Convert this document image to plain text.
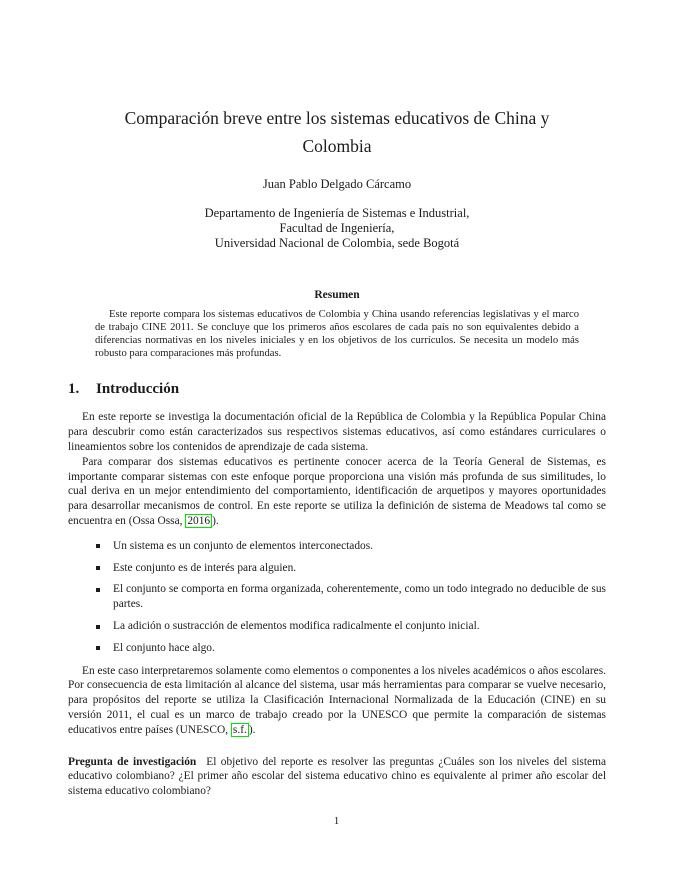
Comparación breve entre los sistemas educativos de China y Colombia
Juan Pablo Delgado Cárcamo
Departamento de Ingeniería de Sistemas e Industrial,
Facultad de Ingeniería,
Universidad Nacional de Colombia, sede Bogotá
Resumen

Este reporte compara los sistemas educativos de Colombia y China usando referencias legislativas y el marco de trabajo CINE 2011. Se concluye que los primeros años escolares de cada país no son equivalentes debido a diferencias normativas en los niveles iniciales y en los objetivos de los currículos. Se necesita un modelo más robusto para comparaciones más profundas.

1. Introducción

En este reporte se investiga la documentación oficial de la República de Colombia y la República Popular China para descubrir como están caracterizados sus respectivos sistemas educativos, así como estándares curriculares o lineamientos sobre los contenidos de aprendizaje de cada sistema.

Para comparar dos sistemas educativos es pertinente conocer acerca de la Teoría General de Sistemas, es importante comparar sistemas con este enfoque porque proporciona una visión más profunda de sus similitudes, lo cual deriva en un mejor entendimiento del comportamiento, identificación de arquetipos y mayores oportunidades para desarrollar mecanismos de control. En este reporte se utiliza la definición de sistema de Meadows tal como se encuentra en (Ossa Ossa, 2016 ).

Un sistema es un conjunto de elementos interconectados.
Este conjunto es de interés para alguien.
El conjunto se comporta en forma organizada, coherentemente, como un todo integrado no deducible de sus partes.
La adición o sustracción de elementos modifica radicalmente el conjunto inicial.
El conjunto hace algo.

En este caso interpretaremos solamente como elementos o componentes a los niveles académicos o años escolares. Por consecuencia de esta limitación al alcance del sistema, usar más herramientas para comparar se vuelve necesario, para propósitos del reporte se utiliza la Clasificación Internacional Normalizada de la Educación (CINE) en su versión 2011, el cual es un marco de trabajo creado por la UNESCO que permite la comparación de sistemas educativos entre países (UNESCO, s.f. ).

Pregunta de investigación El objetivo del reporte es resolver las preguntas ¿Cuáles son los niveles del sistema educativo colombiano? ¿El primer año escolar del sistema educativo chino es equivalente al primer año escolar del sistema educativo colombiano?

1
